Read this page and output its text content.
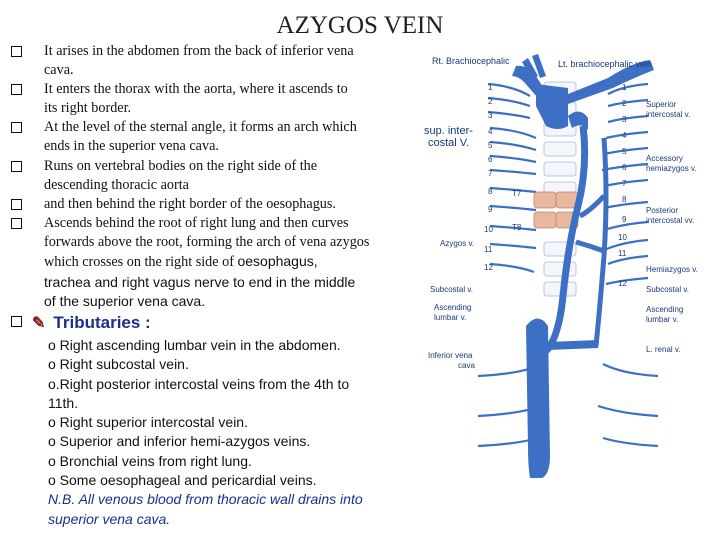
AZYGOS VEIN
It arises in the abdomen from the back of inferior vena
cava.
It enters the thorax with the aorta, where it ascends to
its right border.
At the level of the sternal angle, it forms an arch which
ends in the superior vena cava.
Runs on vertebral bodies on the right side of the
descending thoracic aorta
and then behind the right border of the oesophagus.
Ascends behind the root of right lung and then curves
forwards above the root, forming the arch of vena azygos
which crosses on the right side of oesophagus,
trachea and right vagus nerve to end in the middle
of the superior vena cava.
✎ Tributaries :
o Right ascending lumbar vein in the abdomen.
o Right subcostal vein.
o.Right posterior intercostal veins from the 4th to
11th.
o Right superior intercostal vein.
o Superior and inferior hemi-azygos veins.
o Bronchial veins from right lung.
o Some oesophageal and pericardial veins.
N.B. All venous blood from thoracic wall drains into
superior vena cava.
Rt. Brachiocephalic	Lt. brachiocephalic vein
sup. inter-
costal V.
Superior
intercostal v.
Accessory
hemiazygos v.
Posterior
intercostal vv.
Azygos v.
Hemiazygos v.
Subcostal v.	Subcostal v.
Ascending
lumbar v.
Ascending
lumbar v.
Inferior vena
cava
L. renal v.
T7
T8
1
2
3
4
5
6
7
8
9
10
11
12
1
2
3
4
5
6
7
8
9
10
11
12
